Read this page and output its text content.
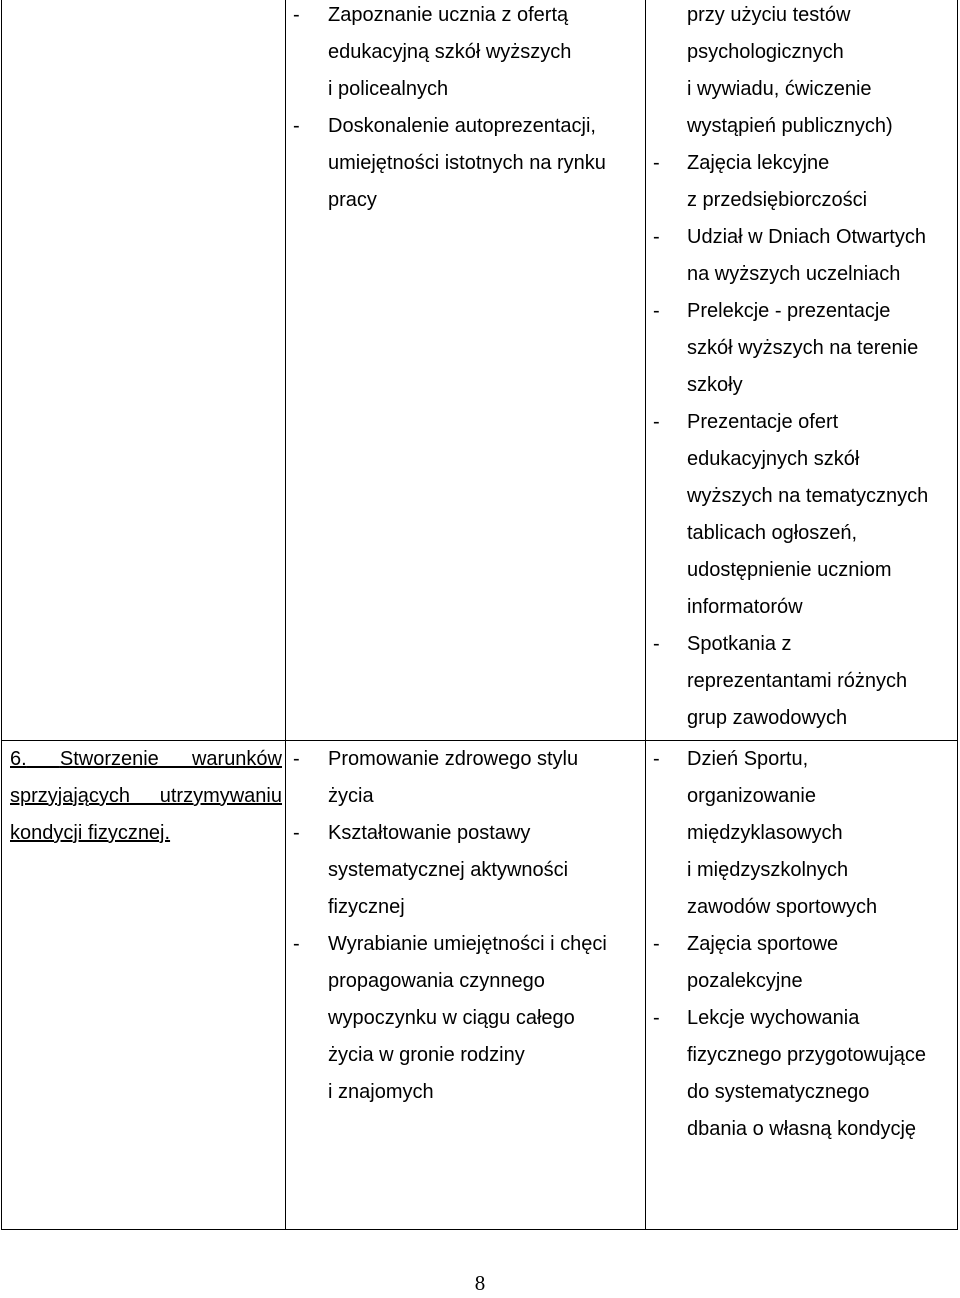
6. Stworzenie warunków
sprzyjających utrzymywaniu
kondycji fizycznej.
8
- Zapoznanie ucznia z ofertą
edukacyjną szkół wyższych
i policealnych
- Doskonalenie autoprezentacji,
umiejętności istotnych na rynku
pracy
przy użyciu testów
psychologicznych
i wywiadu, ćwiczenie
wystąpień publicznych)
- Zajęcia lekcyjne
z przedsiębiorczości
- Udział w Dniach Otwartych
na wyższych uczelniach
- Prelekcje - prezentacje
szkół wyższych na terenie
szkoły
- Prezentacje ofert
edukacyjnych szkół
wyższych na tematycznych
tablicach ogłoszeń,
udostępnienie uczniom
informatorów
- Spotkania z
reprezentantami różnych
grup zawodowych
- Promowanie zdrowego stylu
życia
- Kształtowanie postawy
systematycznej aktywności
fizycznej
- Wyrabianie umiejętności i chęci
propagowania czynnego
wypoczynku w ciągu całego
życia w gronie rodziny
i znajomych
- Dzień Sportu,
organizowanie
międzyklasowych
i międzyszkolnych
zawodów sportowych
- Zajęcia sportowe
pozalekcyjne
- Lekcje wychowania
fizycznego przygotowujące
do systematycznego
dbania o własną kondycję
